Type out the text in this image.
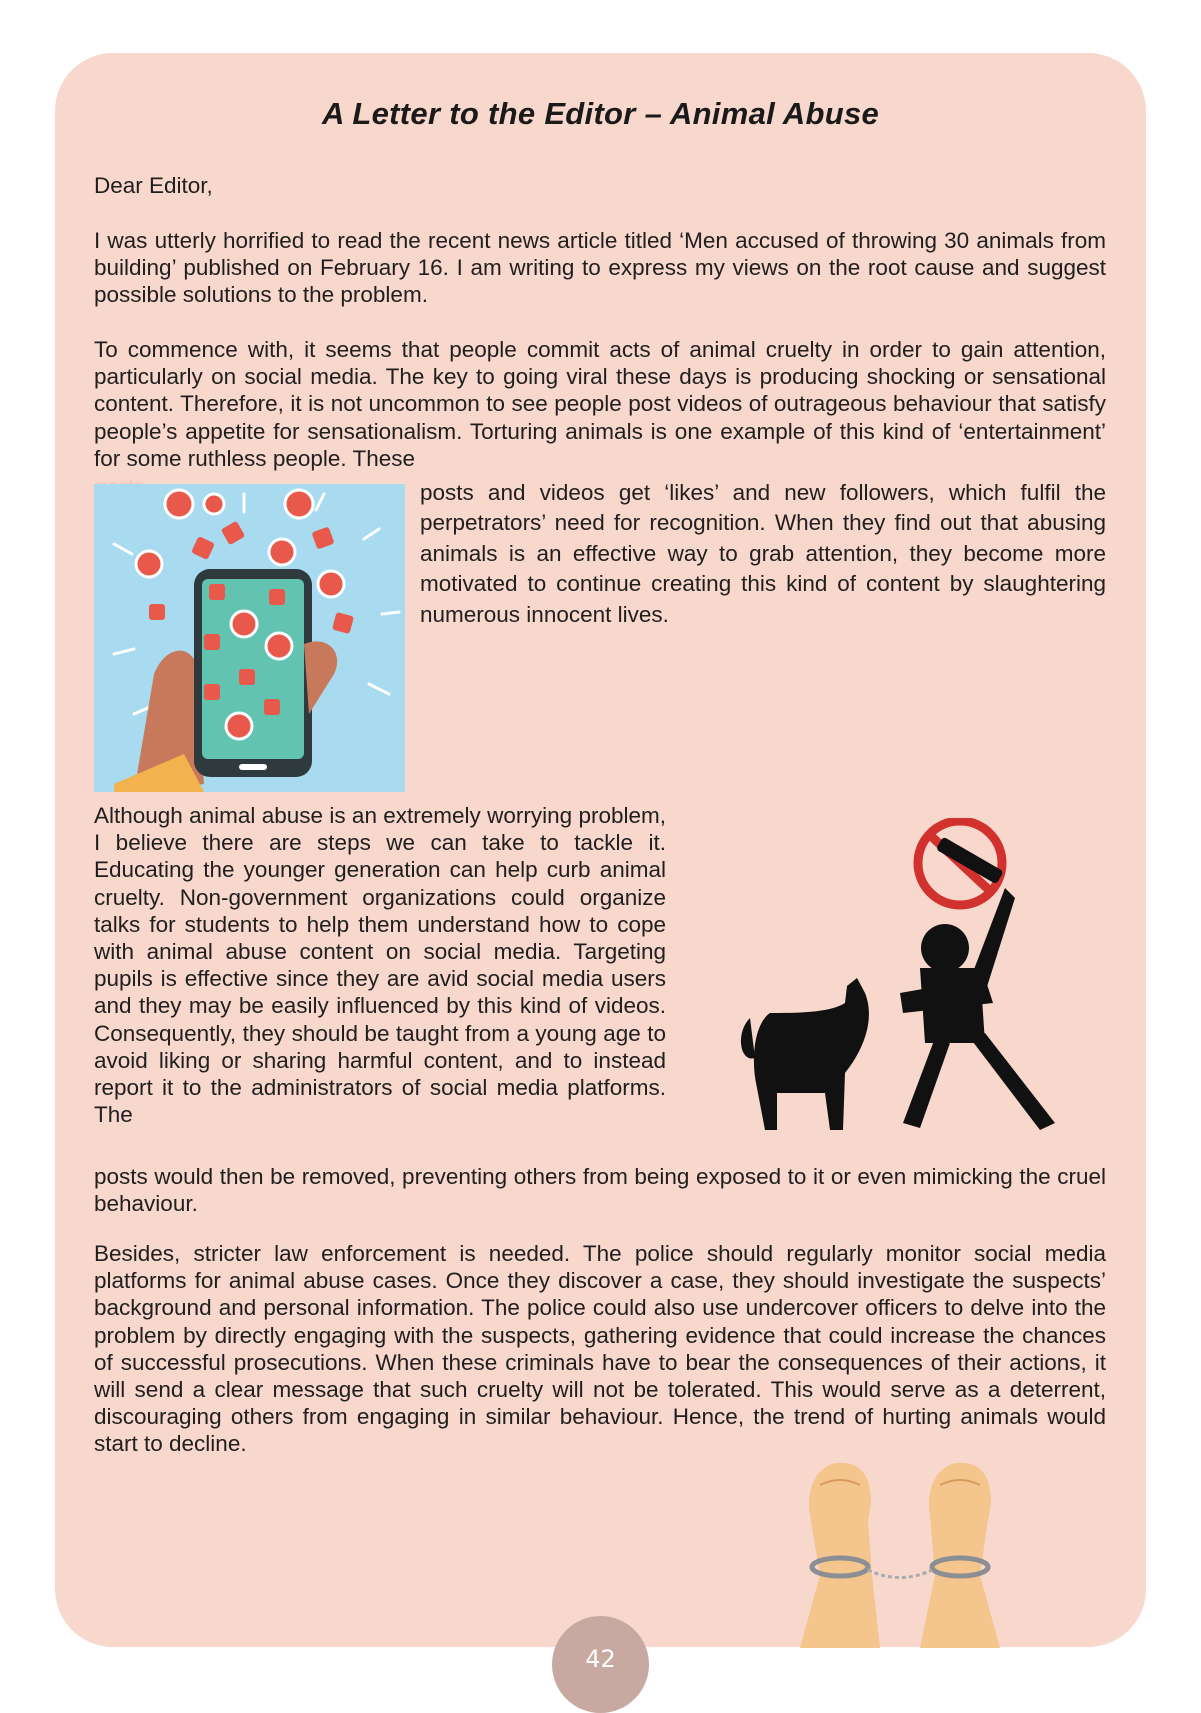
A Letter to the Editor – Animal Abuse

Dear Editor,

I was utterly horrified to read the recent news article titled ‘Men accused of throwing 30 animals from building’ published on February 16. I am writing to express my views on the root cause and suggest possible solutions to the problem.

To commence with, it seems that people commit acts of animal cruelty in order to gain attention, particularly on social media. The key to going viral these days is producing shocking or sensational content. Therefore, it is not uncommon to see people post videos of outrageous behaviour that satisfy people’s appetite for sensationalism. Torturing animals is one example of this kind of ‘entertainment’ for some ruthless people. These

posts and videos get ‘likes’ and new followers, which fulfil the perpetrators’ need for recognition. When they find out that abusing animals is an effective way to grab attention, they become more motivated to continue creating this kind of content by slaughtering numerous innocent lives.

Although animal abuse is an extremely worrying problem, I believe there are steps we can take to tackle it. Educating the younger generation can help curb animal cruelty. Non-government organizations could organize talks for students to help them understand how to cope with animal abuse content on social media. Targeting pupils is effective since they are avid social media users and they may be easily influenced by this kind of videos. Consequently, they should be taught from a young age to avoid liking or sharing harmful content, and to instead report it to the administrators of social media platforms. The

posts would then be removed, preventing others from being exposed to it or even mimicking the cruel behaviour.

Besides, stricter law enforcement is needed. The police should regularly monitor social media platforms for animal abuse cases. Once they discover a case, they should investigate the suspects’ background and personal information. The police could also use undercover officers to delve into the problem by directly engaging with the suspects, gathering evidence that could increase the chances of successful prosecutions. When these criminals have to bear the consequences of their actions, it will send a clear message that such cruelty will not be tolerated. This would serve as a deterrent, discouraging others from engaging in similar behaviour. Hence, the trend of hurting animals would start to decline.

42
